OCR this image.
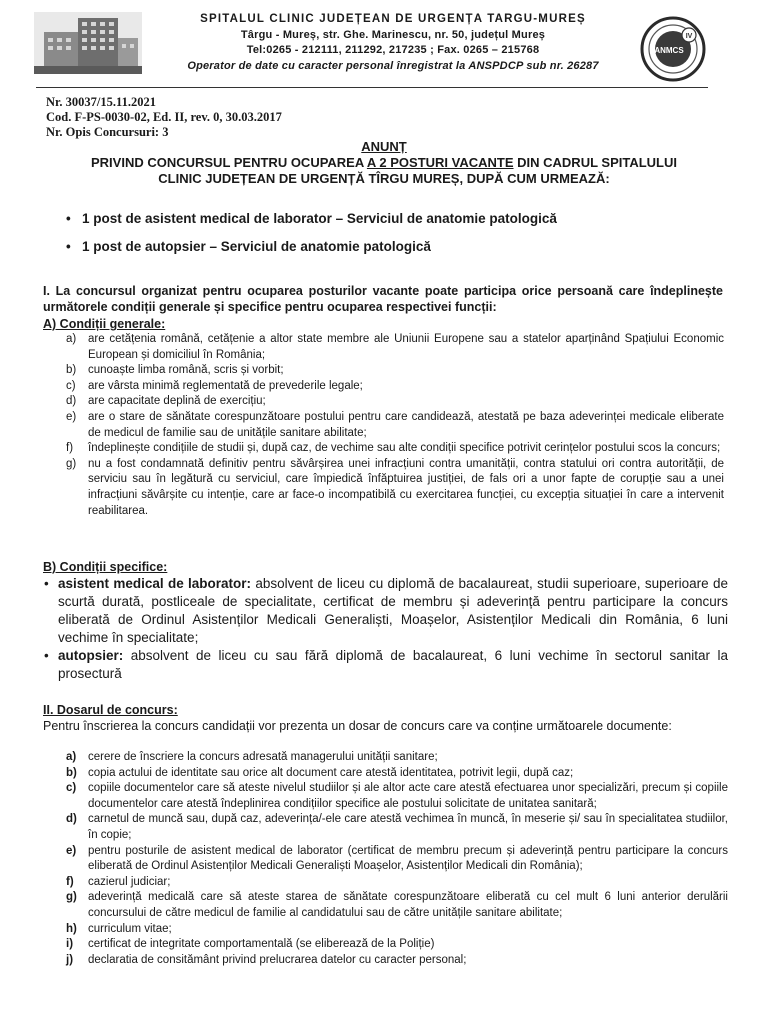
SPITALUL CLINIC JUDEȚEAN DE URGENȚA TARGU-MUREȘ
Târgu - Mureș, str. Ghe. Marinescu, nr. 50, județul Mureș
Tel:0265 - 212111, 211292, 217235 ; Fax. 0265 – 215768
Operator de date cu caracter personal înregistrat la ANSPDCP sub nr. 26287
ANMCS
IV
Nr. 30037/15.11.2021
Cod. F-PS-0030-02, Ed. II, rev. 0, 30.03.2017
Nr. Opis Concursuri: 3
ANUNȚ
PRIVIND CONCURSUL PENTRU OCUPAREA A 2 POSTURI VACANTE DIN CADRUL SPITALULUI
CLINIC JUDEȚEAN DE URGENȚĂ TÎRGU MUREȘ, DUPĂ CUM URMEAZĂ:
• 1 post de asistent medical de laborator – Serviciul de anatomie patologică
• 1 post de autopsier – Serviciul de anatomie patologică
I. La concursul organizat pentru ocuparea posturilor vacante poate participa orice persoană care îndeplinește următorele condiții generale și specifice pentru ocuparea respectivei funcții:
A) Condiții generale:
a) are cetățenia română, cetățenie a altor state membre ale Uniunii Europene sau a statelor aparținând Spațiului Economic European și domiciliul în România;
b) cunoaște limba română, scris și vorbit;
c) are vârsta minimă reglementată de prevederile legale;
d) are capacitate deplină de exercițiu;
e) are o stare de sănătate corespunzătoare postului pentru care candidează, atestată pe baza adeverinței medicale eliberate de medicul de familie sau de unitățile sanitare abilitate;
f) îndeplinește condițiile de studii și, după caz, de vechime sau alte condiții specifice potrivit cerințelor postului scos la concurs;
g) nu a fost condamnată definitiv pentru săvârșirea unei infracțiuni contra umanității, contra statului ori contra autorității, de serviciu sau în legătură cu serviciul, care împiedică înfăptuirea justiției, de fals ori a unor fapte de corupție sau a unei infracțiuni săvârșite cu intenție, care ar face-o incompatibilă cu exercitarea funcției, cu excepția situației în care a intervenit reabilitarea.
B) Condiții specifice:
• asistent medical de laborator: absolvent de liceu cu diplomă de bacalaureat, studii superioare, superioare de scurtă durată, postliceale de specialitate, certificat de membru și adeverință pentru participare la concurs eliberată de Ordinul Asistenților Medicali Generaliști, Moașelor, Asistenților Medicali din România, 6 luni vechime în specialitate;
• autopsier: absolvent de liceu cu sau fără diplomă de bacalaureat, 6 luni vechime în sectorul sanitar la prosectură
II. Dosarul de concurs:
Pentru înscrierea la concurs candidații vor prezenta un dosar de concurs care va conține următoarele documente:
a) cerere de înscriere la concurs adresată managerului unității sanitare;
b) copia actului de identitate sau orice alt document care atestă identitatea, potrivit legii, după caz;
c) copiile documentelor care să ateste nivelul studiilor și ale altor acte care atestă efectuarea unor specializări, precum și copiile documentelor care atestă îndeplinirea condițiilor specifice ale postului solicitate de unitatea sanitară;
d) carnetul de muncă sau, după caz, adeverința/-ele care atestă vechimea în muncă, în meserie și/ sau în specialitatea studiilor, în copie;
e) pentru posturile de asistent medical de laborator (certificat de membru precum și adeverință pentru participare la concurs eliberată de Ordinul Asistenților Medicali Generaliști Moașelor, Asistenților Medicali din România);
f) cazierul judiciar;
g) adeverință medicală care să ateste starea de sănătate corespunzătoare eliberată cu cel mult 6 luni anterior derulării concursului de către medicul de familie al candidatului sau de către unitățile sanitare abilitate;
h) curriculum vitae;
i) certificat de integritate comportamentală (se eliberează de la Poliție)
j) declaratia de consitământ privind prelucrarea datelor cu caracter personal;
